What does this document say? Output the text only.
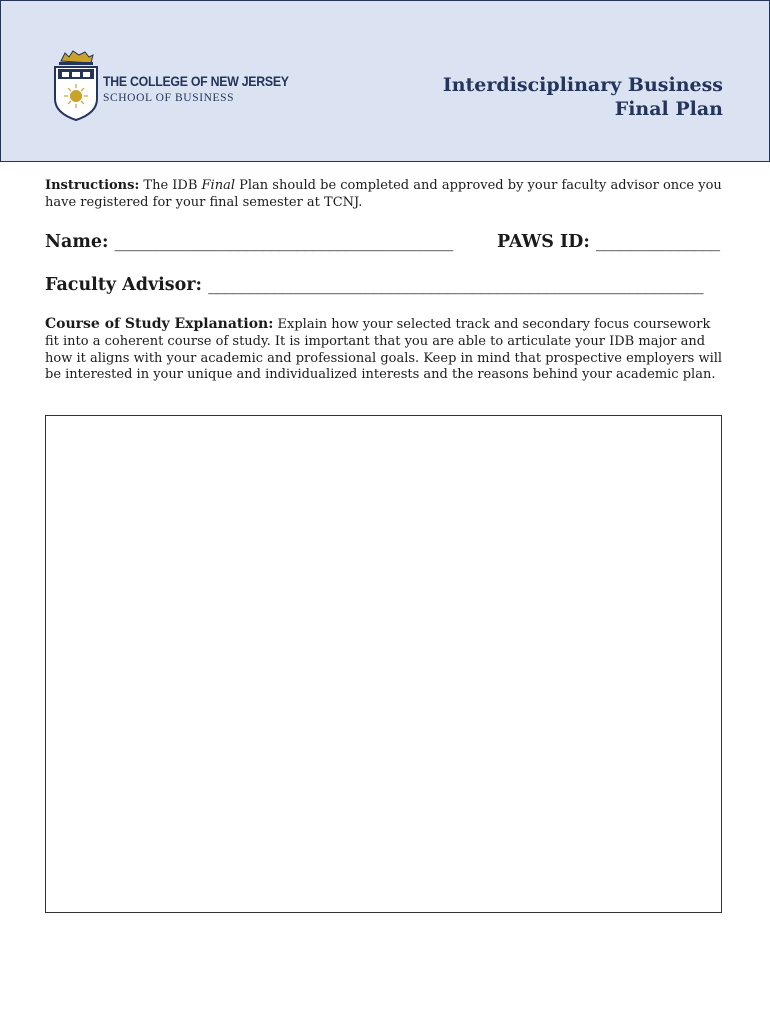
THE COLLEGE OF NEW JERSEY
SCHOOL OF BUSINESS
Interdisciplinary Business
Final Plan
Instructions: The IDB Final Plan should be completed and approved by your faculty advisor once you have registered for your final semester at TCNJ.
Name: _________________________________________	PAWS ID: _______________
Faculty Advisor: ____________________________________________________________
Course of Study Explanation: Explain how your selected track and secondary focus coursework fit into a coherent course of study. It is important that you are able to articulate your IDB major and how it aligns with your academic and professional goals. Keep in mind that prospective employers will be interested in your unique and individualized interests and the reasons behind your academic plan.
